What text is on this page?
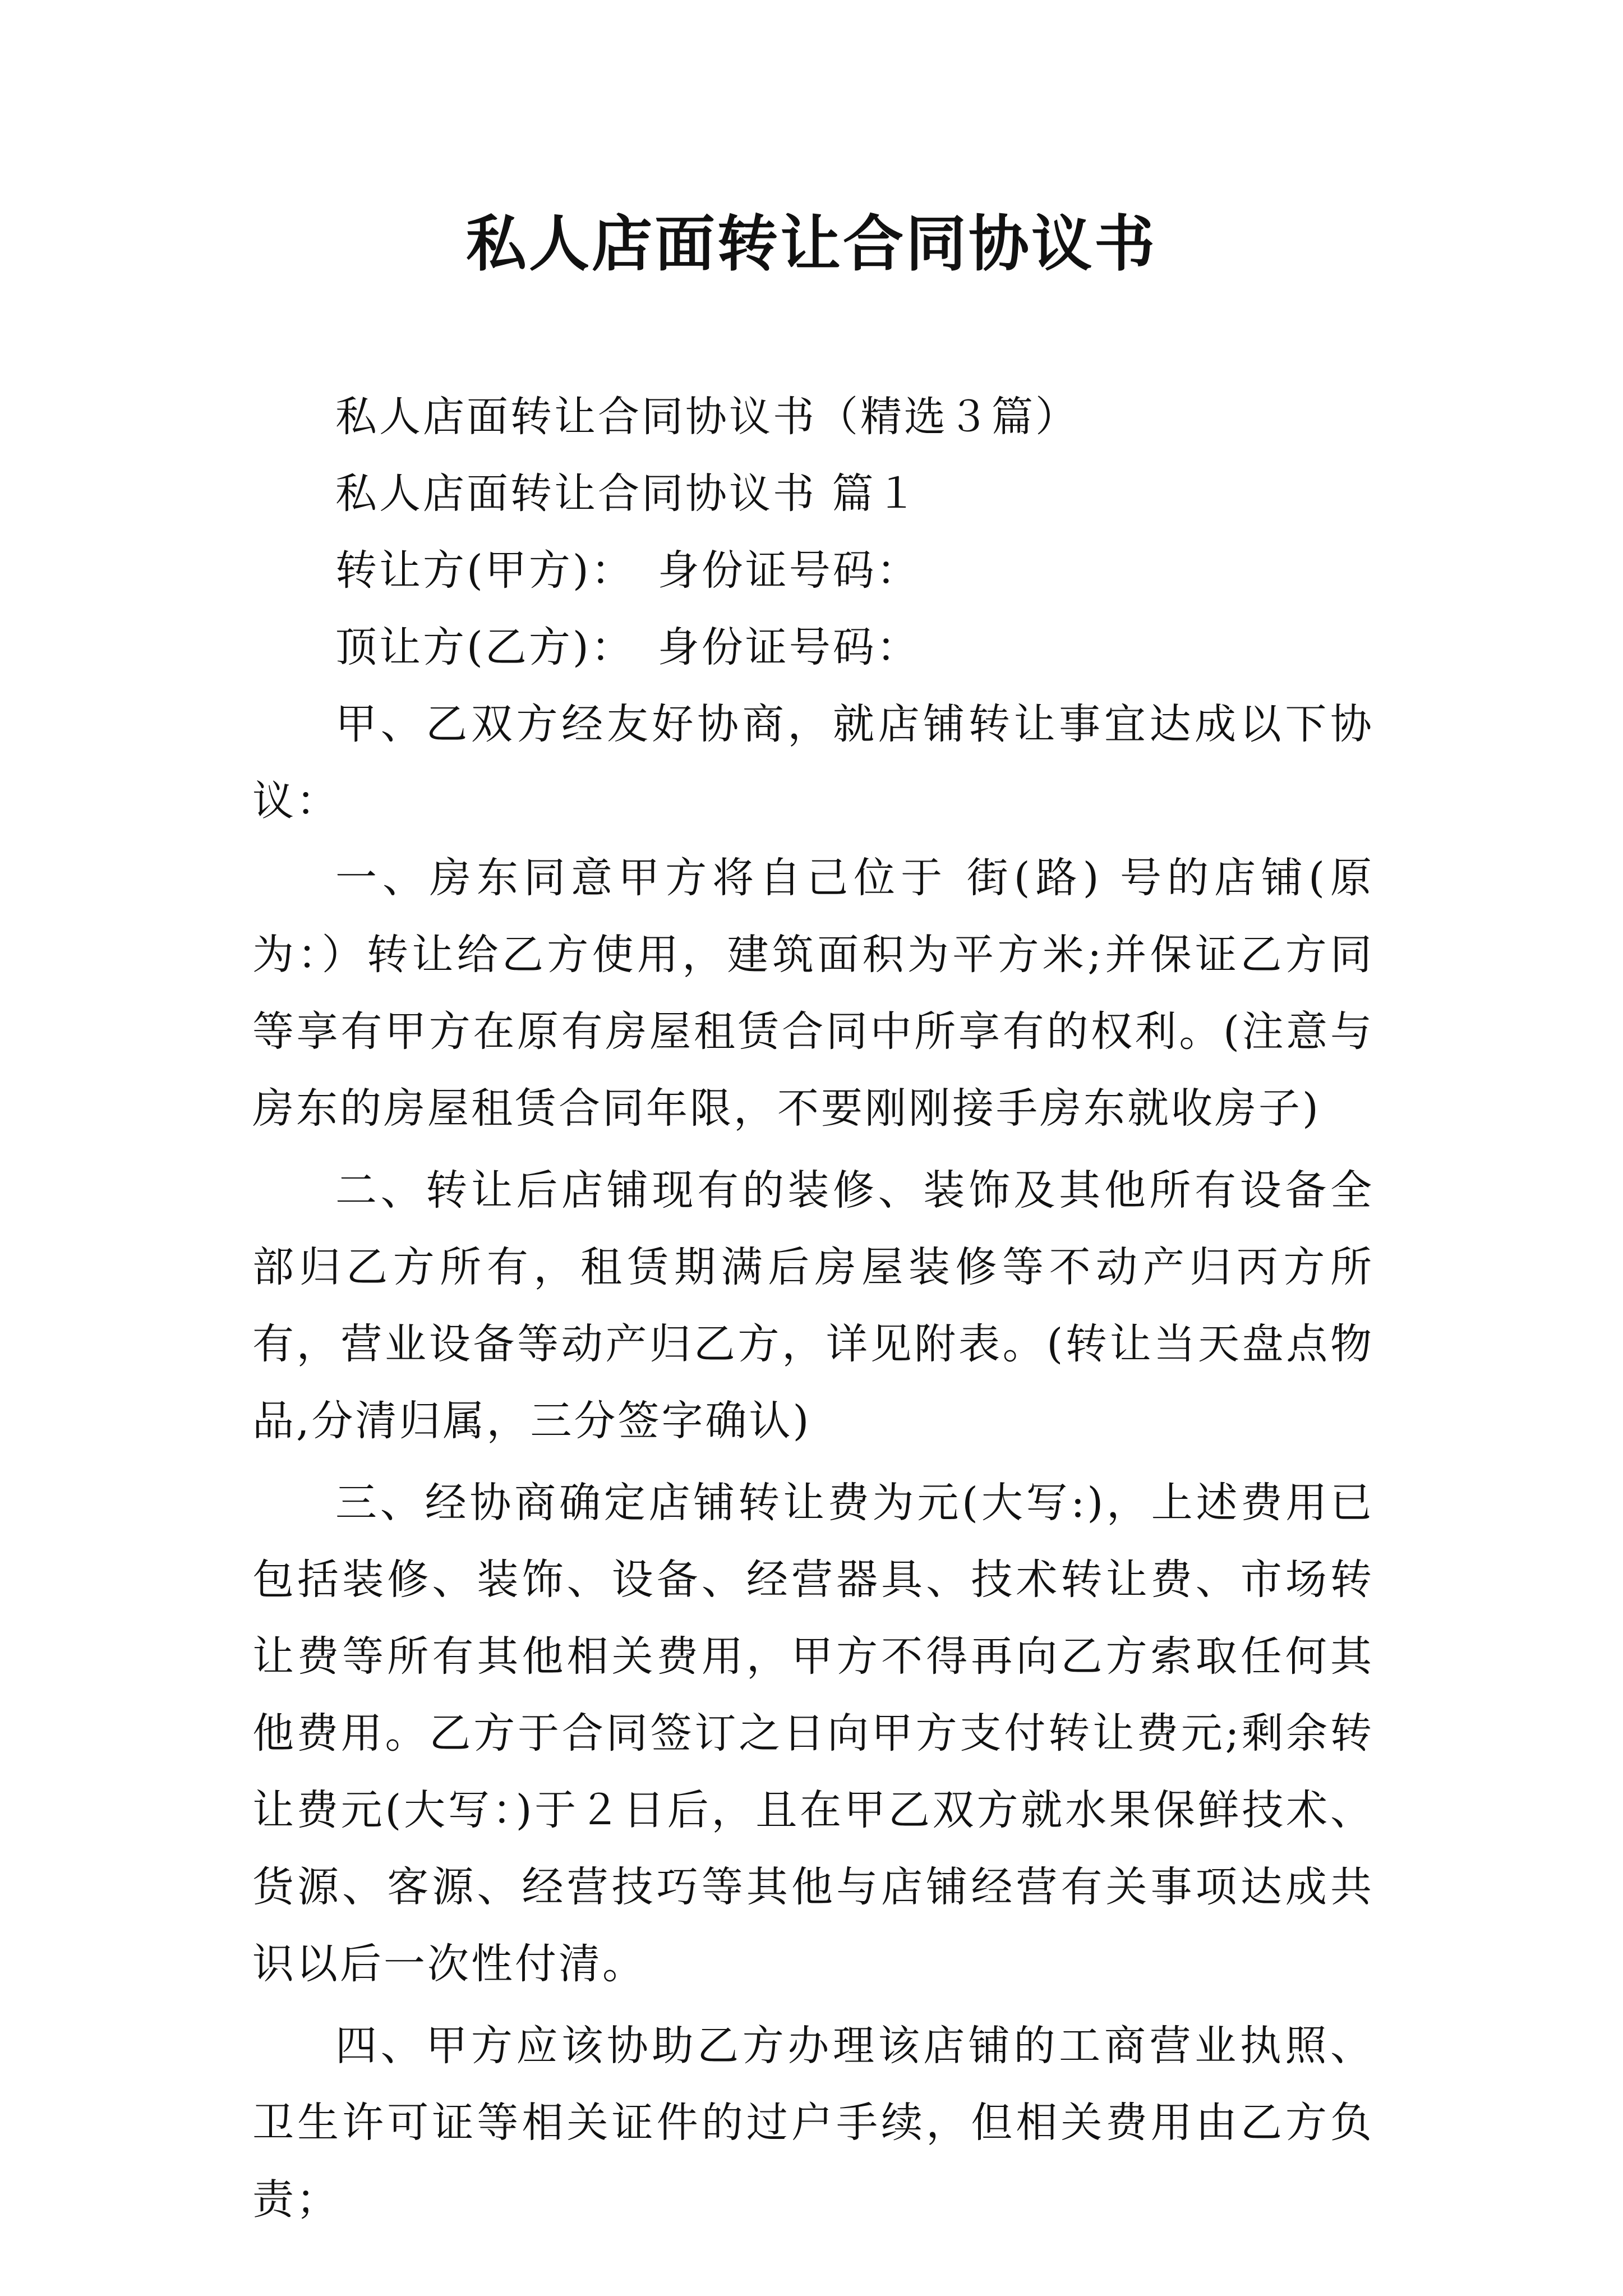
私人店面转让合同协议书

私人店面转让合同协议书（精选３篇）

私人店面转让合同协议书 篇１

转让方(甲方)：　身份证号码：

顶让方(乙方)：　身份证号码：

甲、乙双方经友好协商，就店铺转让事宜达成以下协议：

一、房东同意甲方将自己位于 街(路) 号的店铺(原为：）转让给乙方使用，建筑面积为平方米;并保证乙方同等享有甲方在原有房屋租赁合同中所享有的权利。(注意与房东的房屋租赁合同年限，不要刚刚接手房东就收房子)

二、转让后店铺现有的装修、装饰及其他所有设备全部归乙方所有，租赁期满后房屋装修等不动产归丙方所有，营业设备等动产归乙方，详见附表。(转让当天盘点物品,分清归属，三分签字确认)

三、经协商确定店铺转让费为元(大写:)，上述费用已包括装修、装饰、设备、经营器具、技术转让费、市场转让费等所有其他相关费用，甲方不得再向乙方索取任何其他费用。乙方于合同签订之日向甲方支付转让费元;剩余转让费元(大写：)于２日后，且在甲乙双方就水果保鲜技术、货源、客源、经营技巧等其他与店铺经营有关事项达成共识以后一次性付清。

四、甲方应该协助乙方办理该店铺的工商营业执照、卫生许可证等相关证件的过户手续，但相关费用由乙方负责；
